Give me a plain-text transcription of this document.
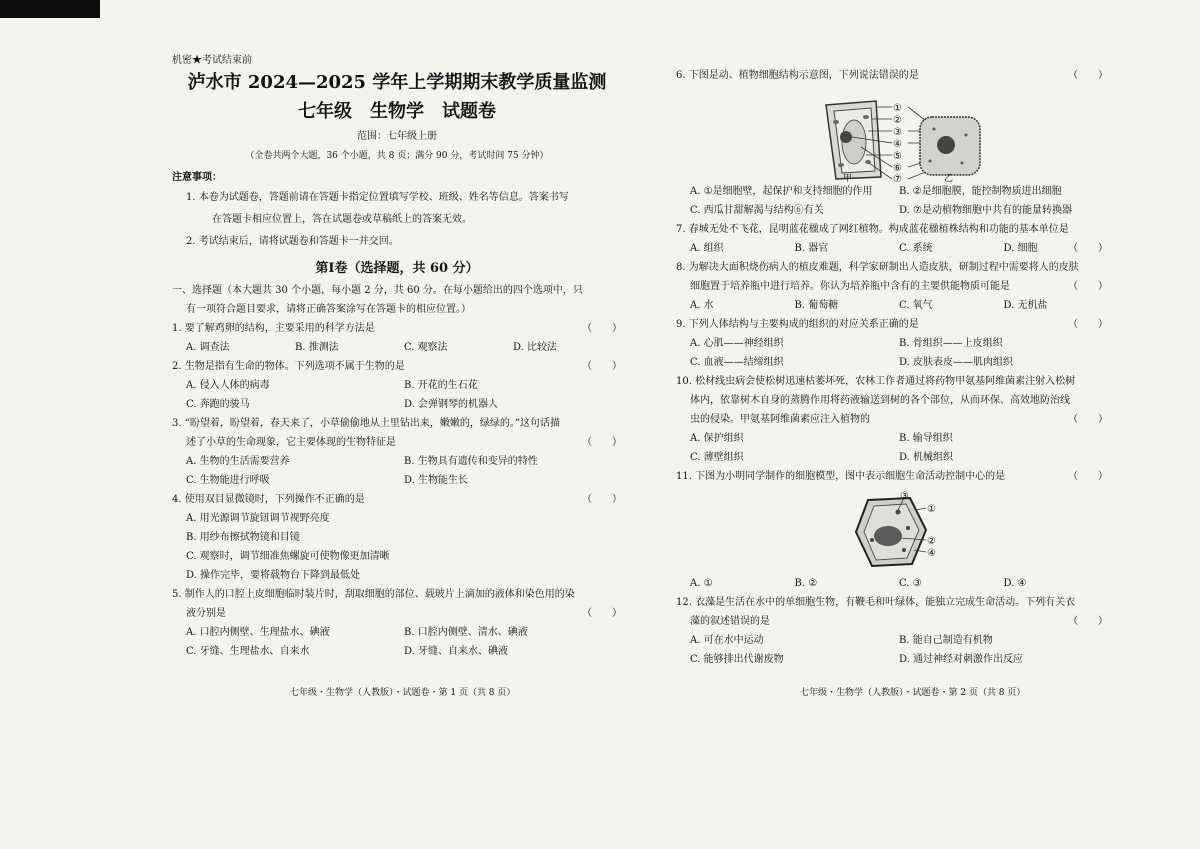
机密★考试结束前
泸水市 2024—2025 学年上学期期末教学质量监测
七年级　生物学　试题卷
范围：七年级上册
（全卷共两个大题，36 个小题，共 8 页；满分 90 分，考试时间 75 分钟）
注意事项：
1. 本卷为试题卷，答题前请在答题卡指定位置填写学校、班级、姓名等信息。答案书写
在答题卡相应位置上，答在试题卷或草稿纸上的答案无效。
2. 考试结束后，请将试题卷和答题卡一并交回。
第Ⅰ卷（选择题，共 60 分）
一、选择题（本大题共 30 个小题，每小题 2 分，共 60 分。在每小题给出的四个选项中，只
有一项符合题目要求，请将正确答案涂写在答题卡的相应位置。）
1. 要了解鸡卵的结构，主要采用的科学方法是	（　　）
A. 调查法	B. 推测法	C. 观察法	D. 比较法
2. 生物是指有生命的物体。下列选项不属于生物的是	（　　）
A. 侵入人体的病毒	B. 开花的生石花
C. 奔跑的骏马	D. 会弹钢琴的机器人
3. “盼望着，盼望着，春天来了，小草偷偷地从土里钻出来，嫩嫩的，绿绿的。”这句话描
述了小草的生命现象，它主要体现的生物特征是	（　　）
A. 生物的生活需要营养	B. 生物具有遗传和变异的特性
C. 生物能进行呼吸	D. 生物能生长
4. 使用双目显微镜时，下列操作不正确的是	（　　）
A. 用光源调节旋钮调节视野亮度
B. 用纱布擦拭物镜和目镜
C. 观察时，调节细准焦螺旋可使物像更加清晰
D. 操作完毕，要将载物台下降到最低处
5. 制作人的口腔上皮细胞临时装片时，刮取细胞的部位、载玻片上滴加的液体和染色用的染
液分别是	（　　）
A. 口腔内侧壁、生理盐水、碘液	B. 口腔内侧壁、清水、碘液
C. 牙缝、生理盐水、自来水	D. 牙缝、自来水、碘液
七年级・生物学（人教版）・试题卷・第 1 页（共 8 页）
6. 下图是动、植物细胞结构示意图，下列说法错误的是	（　　）
①
②
③
④
⑤
⑥
⑦
甲	乙
A. ①是细胞壁，起保护和支持细胞的作用	B. ②是细胞膜，能控制物质进出细胞
C. 西瓜甘甜解渴与结构⑥有关	D. ⑦是动植物细胞中共有的能量转换器
7. 春城无处不飞花，昆明蓝花楹成了网红植物。构成蓝花楹植株结构和功能的基本单位是
（　　）
A. 组织	B. 器官	C. 系统	D. 细胞
8. 为解决大面积烧伤病人的植皮难题，科学家研制出人造皮肤，研制过程中需要将人的皮肤
细胞置于培养瓶中进行培养。你认为培养瓶中含有的主要供能物质可能是	（　　）
A. 水	B. 葡萄糖	C. 氧气	D. 无机盐
9. 下列人体结构与主要构成的组织的对应关系正确的是	（　　）
A. 心肌——神经组织	B. 骨组织——上皮组织
C. 血液——结缔组织	D. 皮肤表皮——肌肉组织
10. 松材线虫病会使松树迅速枯萎坏死，农林工作者通过将药物甲氨基阿维菌素注射入松树
体内，依靠树木自身的蒸腾作用将药液输送到树的各个部位，从而环保、高效地防治线
虫的侵染。甲氨基阿维菌素应注入植物的	（　　）
A. 保护组织	B. 输导组织
C. 薄壁组织	D. 机械组织
11. 下图为小明同学制作的细胞模型，图中表示细胞生命活动控制中心的是	（　　）
③
①
②
④
A. ①	B. ②	C. ③	D. ④
12. 衣藻是生活在水中的单细胞生物，有鞭毛和叶绿体，能独立完成生命活动。下列有关衣
藻的叙述错误的是	（　　）
A. 可在水中运动	B. 能自己制造有机物
C. 能够排出代谢废物	D. 通过神经对刺激作出反应
七年级・生物学（人教版）・试题卷・第 2 页（共 8 页）
